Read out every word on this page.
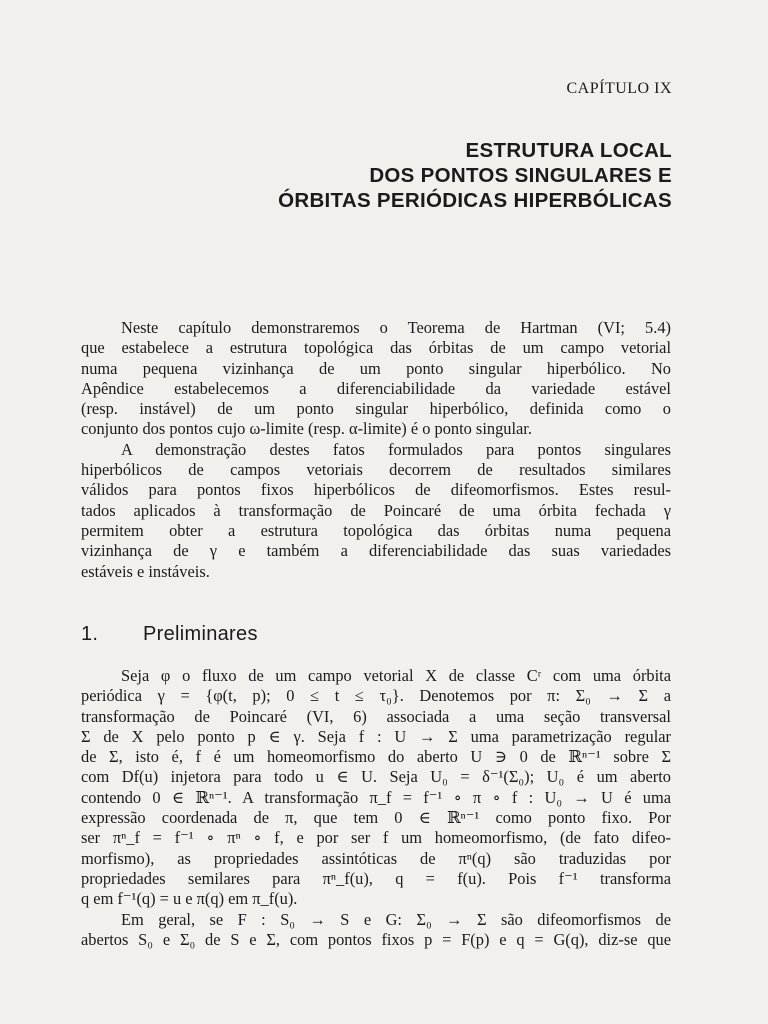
CAPÍTULO IX
ESTRUTURA LOCAL
DOS PONTOS SINGULARES E
ÓRBITAS PERIÓDICAS HIPERBÓLICAS
Neste capítulo demonstraremos o Teorema de Hartman (VI; 5.4)
que estabelece a estrutura topológica das órbitas de um campo vetorial
numa pequena vizinhança de um ponto singular hiperbólico. No
Apêndice estabelecemos a diferenciabilidade da variedade estável
(resp. instável) de um ponto singular hiperbólico, definida como o
conjunto dos pontos cujo ω-limite (resp. α-limite) é o ponto singular.
A demonstração destes fatos formulados para pontos singulares
hiperbólicos de campos vetoriais decorrem de resultados similares
válidos para pontos fixos hiperbólicos de difeomorfismos. Estes resul-
tados aplicados à transformação de Poincaré de uma órbita fechada γ
permitem obter a estrutura topológica das órbitas numa pequena
vizinhança de γ e também a diferenciabilidade das suas variedades
estáveis e instáveis.
1. Preliminares
Seja φ o fluxo de um campo vetorial X de classe Cʳ com uma órbita
periódica γ = {φ(t, p); 0 ≤ t ≤ τ₀}. Denotemos por π: Σ₀ → Σ a
transformação de Poincaré (VI, 6) associada a uma seção transversal
Σ de X pelo ponto p ∈ γ. Seja f : U → Σ uma parametrização regular
de Σ, isto é, f é um homeomorfismo do aberto U ∋ 0 de ℝⁿ⁻¹ sobre Σ
com Df(u) injetora para todo u ∈ U. Seja U₀ = δ⁻¹(Σ₀); U₀ é um aberto
contendo 0 ∈ ℝⁿ⁻¹. A transformação π_f = f⁻¹ ∘ π ∘ f : U₀ → U é uma
expressão coordenada de π, que tem 0 ∈ ℝⁿ⁻¹ como ponto fixo. Por
ser πⁿ_f = f⁻¹ ∘ πⁿ ∘ f, e por ser f um homeomorfismo, (de fato difeo-
morfismo), as propriedades assintóticas de πⁿ(q) são traduzidas por
propriedades semilares para πⁿ_f(u), q = f(u). Pois f⁻¹ transforma
q em f⁻¹(q) = u e π(q) em π_f(u).
Em geral, se F : S₀ → S e G: Σ₀ → Σ são difeomorfismos de
abertos S₀ e Σ₀ de S e Σ, com pontos fixos p = F(p) e q = G(q), diz-se que
